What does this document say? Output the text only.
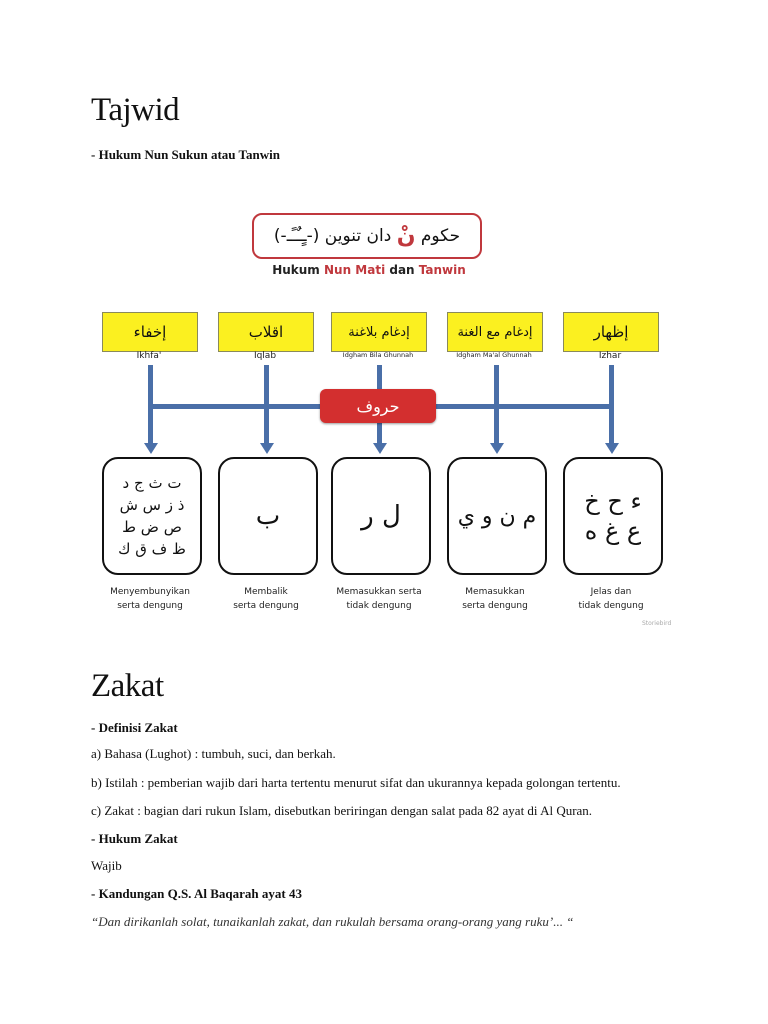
Tajwid
- Hukum Nun Sukun atau Tanwin
حكوم

نْ

دان تنوين (-ـٍـٌـًـ-)
Hukum Nun Mati dan Tanwin
إخفاء	اقلاب	إدغام بلاغنة	إدغام مع الغنة	إظهار
Ikhfa'	Iqlab	Idgham Bila Ghunnah	Idgham Ma'al Ghunnah	Izhar
حروف
ت ث ج د
ذ ز س ش
ص ض ط
ظ ف ق ك
ب	ل ر	م ن و ي
ء ح خ
ع غ ه
Menyembunyikan
serta dengung
Membalik
serta dengung
Memasukkan serta
tidak dengung
Memasukkan
serta dengung
Jelas dan
tidak dengung
Storiebird
Zakat
- Definisi Zakat
a) Bahasa (Lughot) : tumbuh, suci, dan berkah.
b) Istilah : pemberian wajib dari harta tertentu menurut sifat dan ukurannya kepada golongan tertentu.
c) Zakat : bagian dari rukun Islam, disebutkan beriringan dengan salat pada 82 ayat di Al Quran.
- Hukum Zakat
Wajib
- Kandungan Q.S. Al Baqarah ayat 43
“Dan dirikanlah solat, tunaikanlah zakat, dan rukulah bersama orang-orang yang ruku’... “
